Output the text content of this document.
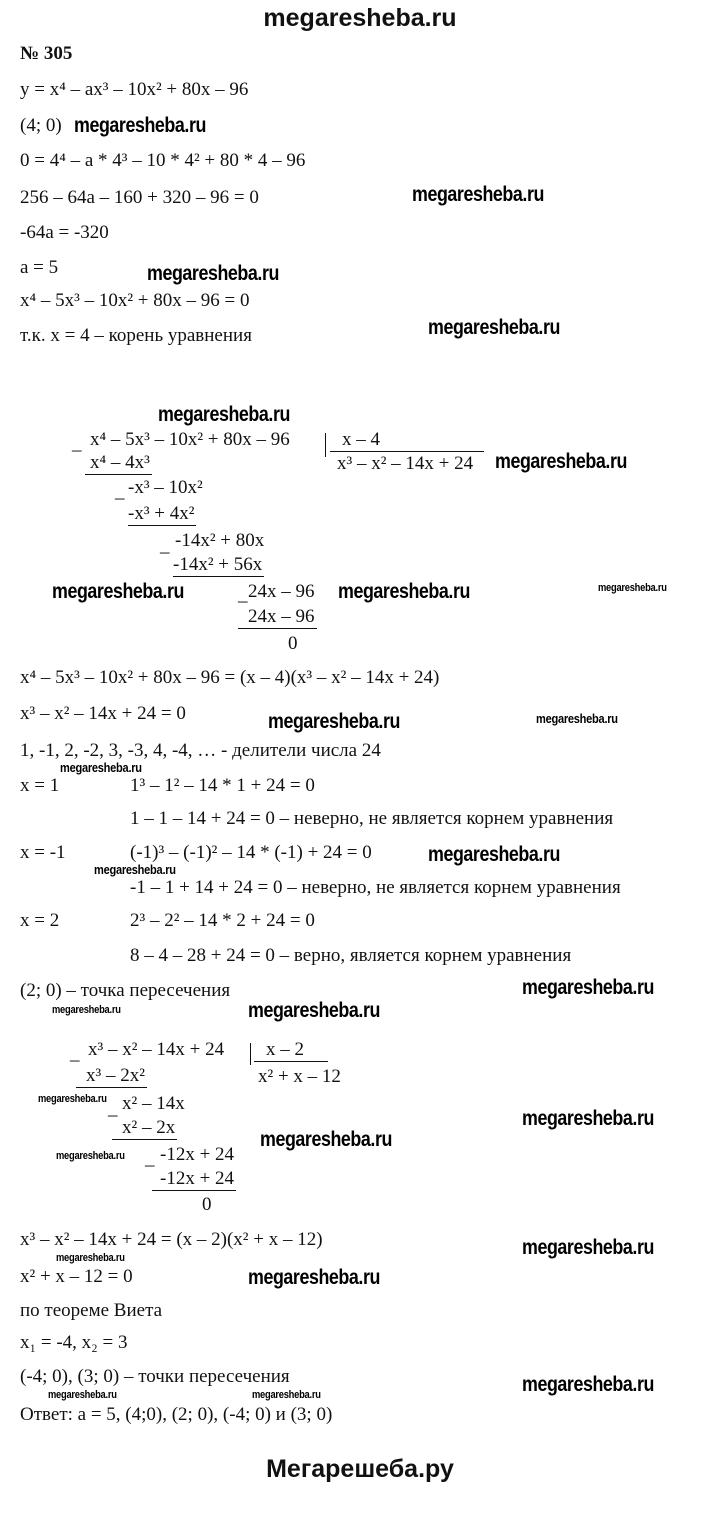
megaresheba.ru
№ 305
y = x⁴ – ax³ – 10x² + 80x – 96
(4; 0)
0 = 4⁴ – a * 4³ – 10 * 4² + 80 * 4 – 96
256 – 64a – 160 + 320 – 96 = 0
-64a = -320
a = 5
x⁴ – 5x³ – 10x² + 80x – 96 = 0
т.к. x = 4 – корень уравнения
_ x⁴ – 5x³ – 10x² + 80x – 96	x – 4
x³ – x² – 14x + 24
x⁴ – 4x³
_ -x³ – 10x²
-x³ + 4x²
_ -14x² + 80x
-14x² + 56x
_ 24x – 96
24x – 96
0
x⁴ – 5x³ – 10x² + 80x – 96 = (x – 4)(x³ – x² – 14x + 24)
x³ – x² – 14x + 24 = 0
1, -1, 2, -2, 3, -3, 4, -4, … - делители числа 24
x = 1	1³ – 1² – 14 * 1 + 24 = 0
1 – 1 – 14 + 24 = 0 – неверно, не является корнем уравнения
x = -1	(-1)³ – (-1)² – 14 * (-1) + 24 = 0
-1 – 1 + 14 + 24 = 0 – неверно, не является корнем уравнения
x = 2	2³ – 2² – 14 * 2 + 24 = 0
8 – 4 – 28 + 24 = 0 – верно, является корнем уравнения
(2; 0) – точка пересечения
_ x³ – x² – 14x + 24	x – 2
x² + x – 12
x³ – 2x²
_ x² – 14x
x² – 2x
_ -12x + 24
-12x + 24
0
x³ – x² – 14x + 24 = (x – 2)(x² + x – 12)
x² + x – 12 = 0
по теореме Виета
x₁ = -4, x₂ = 3
(-4; 0), (3; 0) – точки пересечения
Ответ: a = 5, (4;0), (2; 0), (-4; 0) и (3; 0)
megaresheba.ru
megaresheba.ru
megaresheba.ru
megaresheba.ru
megaresheba.ru
megaresheba.ru
megaresheba.ru	megaresheba.ru	megaresheba.ru
megaresheba.ru	megaresheba.ru
megaresheba.ru
megaresheba.ru
megaresheba.ru
megaresheba.ru
megaresheba.ru	megaresheba.ru
megaresheba.ru
megaresheba.ru
megaresheba.ru
megaresheba.ru
megaresheba.ru	megaresheba.ru
megaresheba.ru
megaresheba.ru	megaresheba.ru	megaresheba.ru
Мегарешеба.ру
